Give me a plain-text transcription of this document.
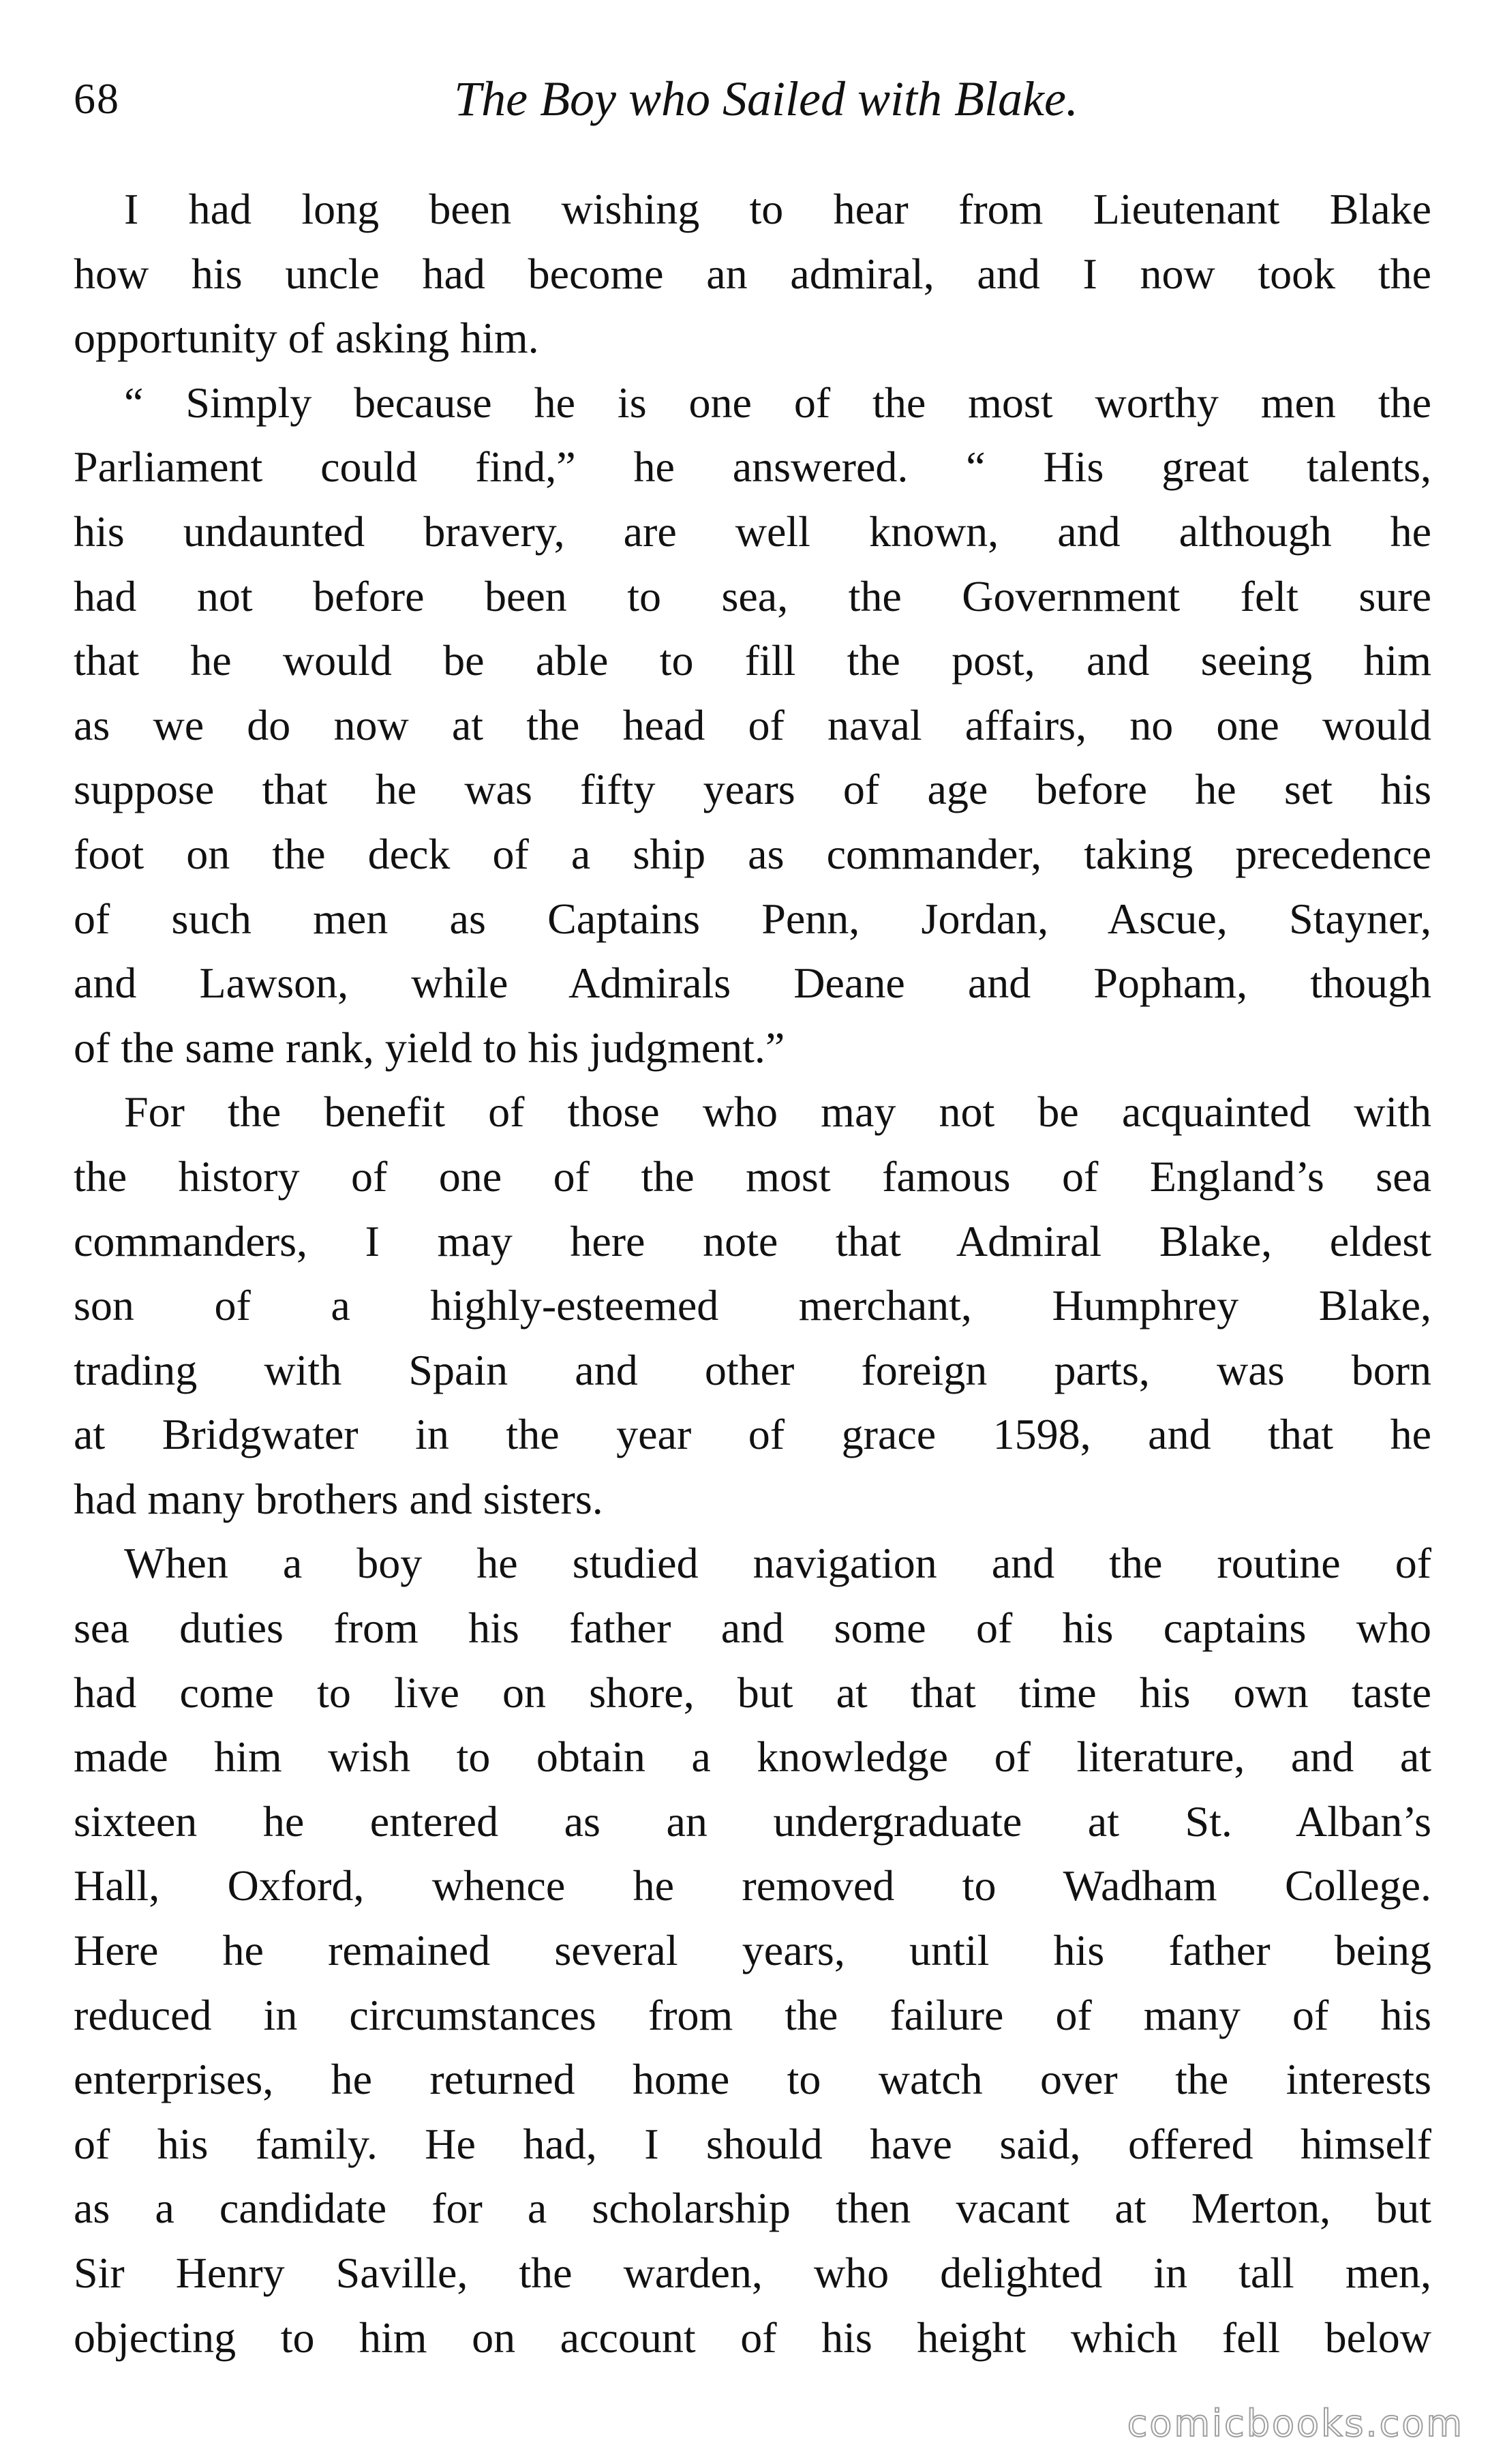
68	The Boy who Sailed with Blake.

I had long been wishing to hear from Lieutenant Blake
how his uncle had become an admiral, and I now took the
opportunity of asking him.

“ Simply because he is one of the most worthy men the
Parliament could find,” he answered. “ His great talents,
his undaunted bravery, are well known, and although he
had not before been to sea, the Government felt sure
that he would be able to fill the post, and seeing him
as we do now at the head of naval affairs, no one would
suppose that he was fifty years of age before he set his
foot on the deck of a ship as commander, taking precedence
of such men as Captains Penn, Jordan, Ascue, Stayner,
and Lawson, while Admirals Deane and Popham, though
of the same rank, yield to his judgment.”

For the benefit of those who may not be acquainted with
the history of one of the most famous of England’s sea
commanders, I may here note that Admiral Blake, eldest
son of a highly-esteemed merchant, Humphrey Blake,
trading with Spain and other foreign parts, was born
at Bridgwater in the year of grace 1598, and that he
had many brothers and sisters.

When a boy he studied navigation and the routine of
sea duties from his father and some of his captains who
had come to live on shore, but at that time his own taste
made him wish to obtain a knowledge of literature, and at
sixteen he entered as an undergraduate at St. Alban’s
Hall, Oxford, whence he removed to Wadham College.
Here he remained several years, until his father being
reduced in circumstances from the failure of many of his
enterprises, he returned home to watch over the interests
of his family. He had, I should have said, offered himself
as a candidate for a scholarship then vacant at Merton, but
Sir Henry Saville, the warden, who delighted in tall men,
objecting to him on account of his height which fell below

comicbooks.com
